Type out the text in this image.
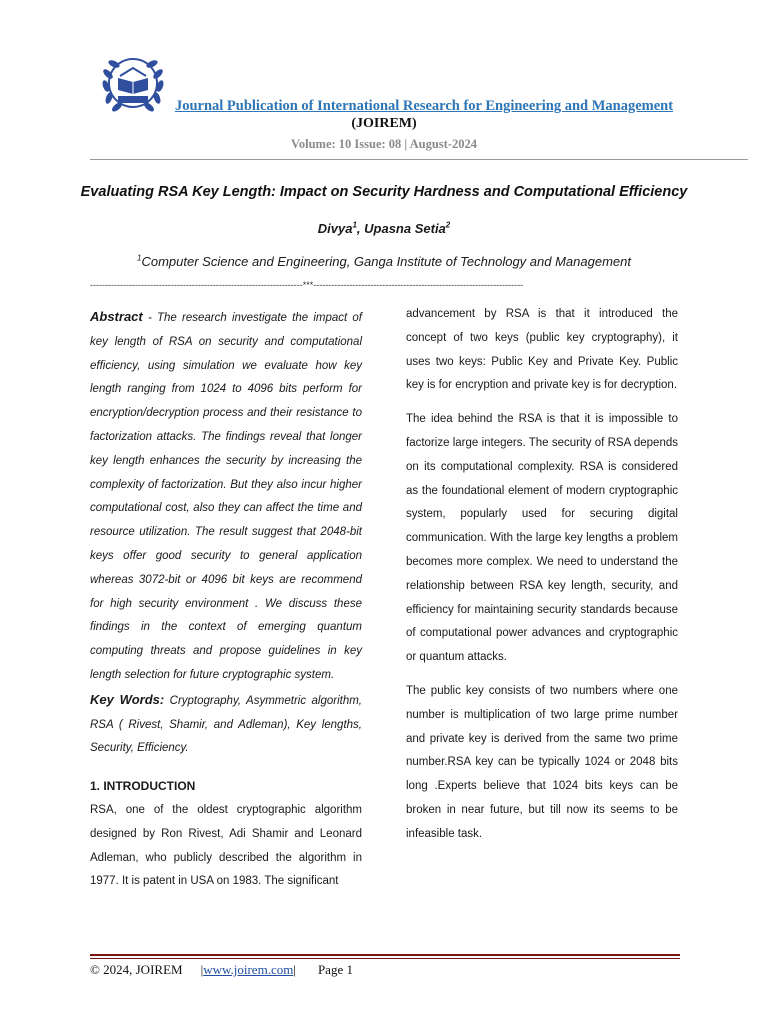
Journal Publication of International Research for Engineering and Management
(JOIREM)
Volume: 10 Issue: 08 | August-2024
Evaluating RSA Key Length: Impact on Security Hardness and Computational Efficiency
Divya$^1$, Upasna Setia$^2$
$^1$Computer Science and Engineering, Ganga Institute of Technology and Management
-----------------------------------------------------------------------***----------------------------------------------------------------------

Abstract - The research investigate the impact of key length of RSA on security and computational efficiency, using simulation we evaluate how key length ranging from 1024 to 4096 bits perform for encryption/decryption process and their resistance to factorization attacks. The findings reveal that longer key length enhances the security by increasing the complexity of factorization. But they also incur higher computational cost, also they can affect the time and resource utilization. The result suggest that 2048-bit keys offer good security to general application whereas 3072-bit or 4096 bit keys are recommend for high security environment . We discuss these findings in the context of emerging quantum computing threats and propose guidelines in key length selection for future cryptographic system.

Key Words: Cryptography, Asymmetric algorithm, RSA ( Rivest, Shamir, and Adleman), Key lengths, Security, Efficiency.

1. INTRODUCTION

RSA, one of the oldest cryptographic algorithm designed by Ron Rivest, Adi Shamir and Leonard Adleman, who publicly described the algorithm in 1977. It is patent in USA on 1983. The significant

advancement by RSA is that it introduced the concept of two keys (public key cryptography), it uses two keys: Public Key and Private Key. Public key is for encryption and private key is for decryption.

The idea behind the RSA is that it is impossible to factorize large integers. The security of RSA depends on its computational complexity. RSA is considered as the foundational element of modern cryptographic system, popularly used for securing digital communication. With the large key lengths a problem becomes more complex. We need to understand the relationship between RSA key length, security, and efficiency for maintaining security standards because of computational power advances and cryptographic or quantum attacks.

The public key consists of two numbers where one number is multiplication of two large prime number and private key is derived from the same two prime number.RSA key can be typically 1024 or 2048 bits long .Experts believe that 1024 bits keys can be broken in near future, but till now its seems to be infeasible task.

© 2024, JOIREM |www.joirem.com| Page 1
